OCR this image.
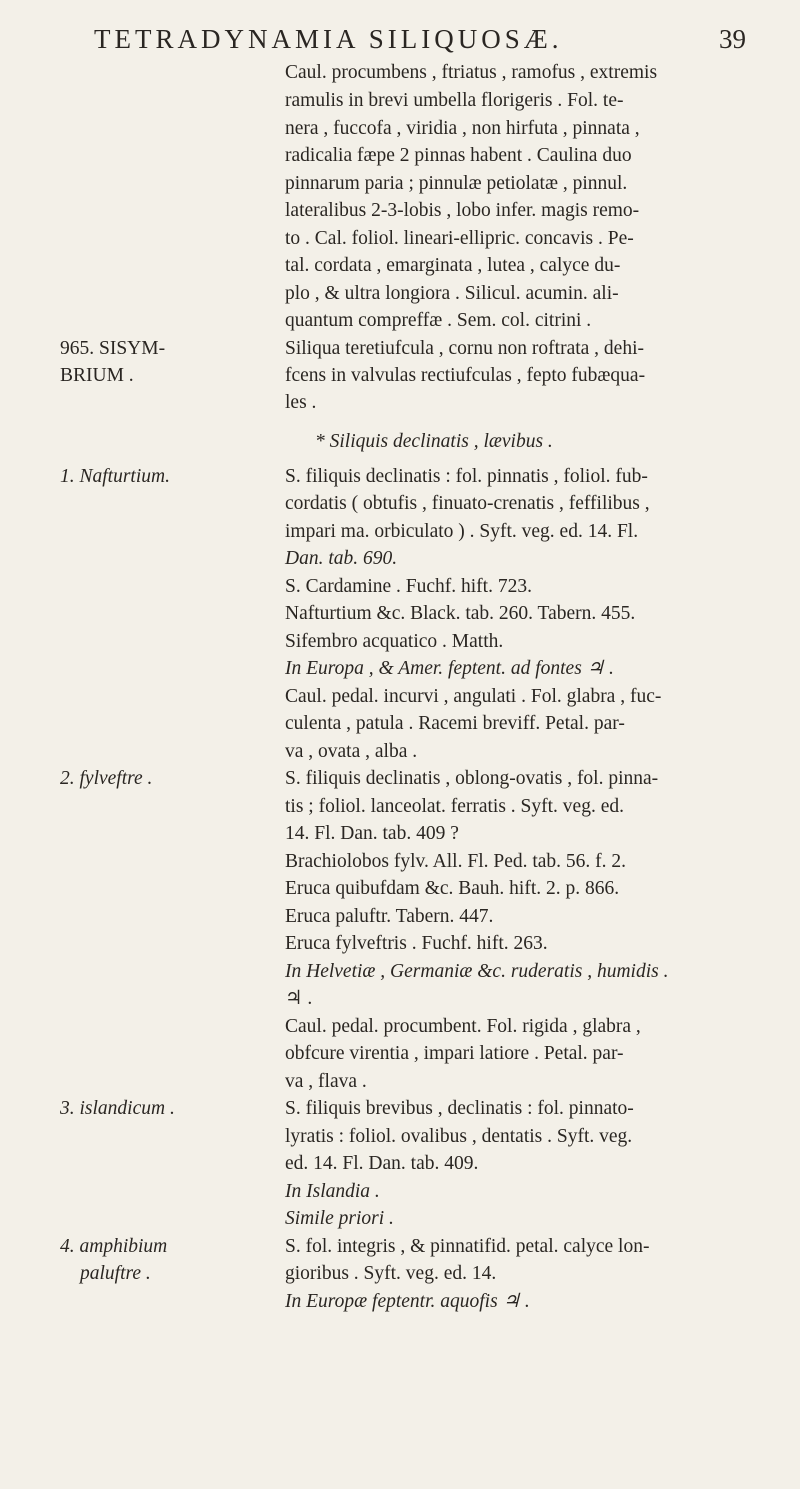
TETRADYNAMIA SILIQUOSÆ.	39
Caul. procumbens , ftriatus , ramofus , extremis
ramulis in brevi umbella florigeris . Fol. te-
nera , fuccofa , viridia , non hirfuta , pinnata ,
radicalia fæpe 2 pinnas habent . Caulina duo
pinnarum paria ; pinnulæ petiolatæ , pinnul.
lateralibus 2-3-lobis , lobo infer. magis remo-
to . Cal. foliol. lineari-ellipric. concavis . Pe-
tal. cordata , emarginata , lutea , calyce du-
plo , & ultra longiora . Silicul. acumin. ali-
quantum compreffæ . Sem. col. citrini .
Siliqua teretiufcula , cornu non roftrata , dehi-
fcens in valvulas rectiufculas , fepto fubæqua-
les .
* Siliquis declinatis , lævibus .
S. filiquis declinatis : fol. pinnatis , foliol. fub-
cordatis ( obtufis , finuato-crenatis , feffilibus ,
impari ma. orbiculato ) . Syft. veg. ed. 14. Fl.
Dan. tab. 690.
S. Cardamine . Fuchf. hift. 723.
Nafturtium &c. Black. tab. 260. Tabern. 455.
Sifembro acquatico . Matth.
In Europa , & Amer. feptent. ad fontes ♃ .
Caul. pedal. incurvi , angulati . Fol. glabra , fuc-
culenta , patula . Racemi breviff. Petal. par-
va , ovata , alba .
S. filiquis declinatis , oblong-ovatis , fol. pinna-
tis ; foliol. lanceolat. ferratis . Syft. veg. ed.
14. Fl. Dan. tab. 409 ?
Brachiolobos fylv. All. Fl. Ped. tab. 56. f. 2.
Eruca quibufdam &c. Bauh. hift. 2. p. 866.
Eruca paluftr. Tabern. 447.
Eruca fylveftris . Fuchf. hift. 263.
In Helvetiæ , Germaniæ &c. ruderatis , humidis .
♃ .
Caul. pedal. procumbent. Fol. rigida , glabra ,
obfcure virentia , impari latiore . Petal. par-
va , flava .
S. filiquis brevibus , declinatis : fol. pinnato-
lyratis : foliol. ovalibus , dentatis . Syft. veg.
ed. 14. Fl. Dan. tab. 409.
In Islandia .
Simile priori .
S. fol. integris , & pinnatifid. petal. calyce lon-
gioribus . Syft. veg. ed. 14.
In Europæ feptentr. aquofis ♃ .
965. SISYM-
BRIUM .
1. Nafturtium.
2. fylveftre .
3. islandicum .
4. amphibium
paluftre .
